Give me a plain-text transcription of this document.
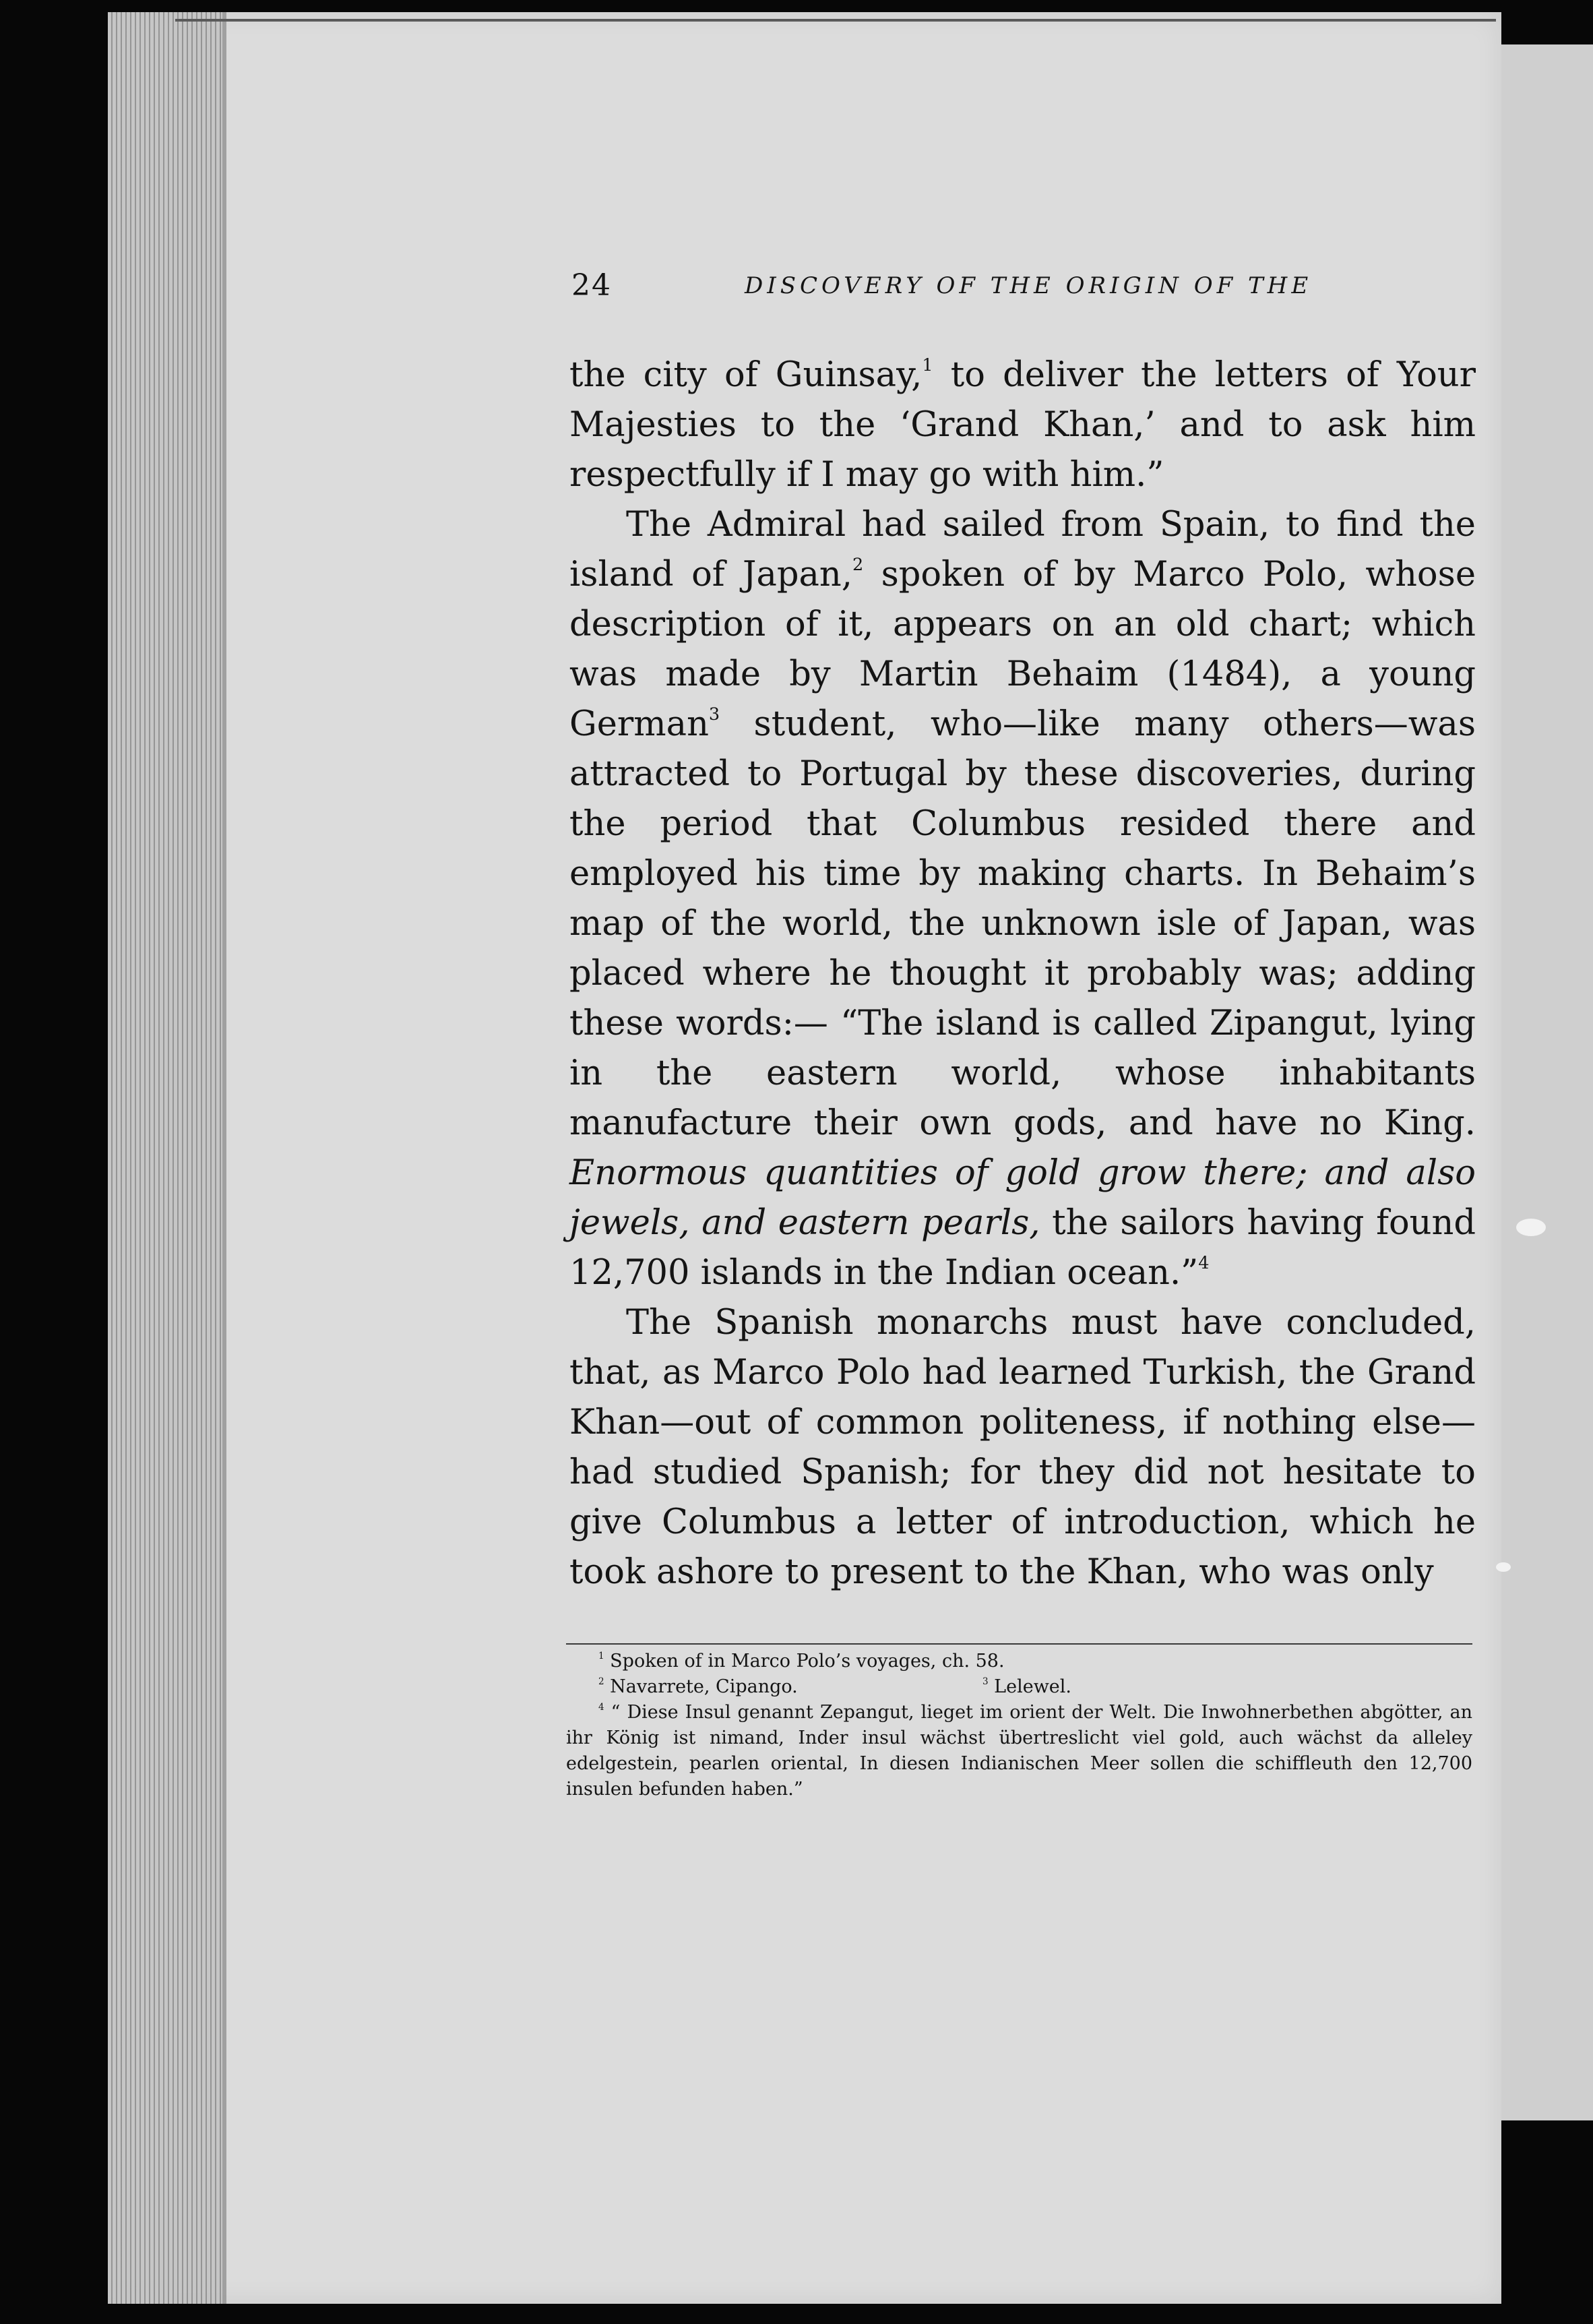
24	DISCOVERY OF THE ORIGIN OF THE

the city of Guinsay,$^1$ to deliver the letters of Your Majesties to the ‘Grand Khan,’ and to ask him respectfully if I may go with him.”

The Admiral had sailed from Spain, to find the island of Japan,$^2$ spoken of by Marco Polo, whose description of it, appears on an old chart; which was made by Martin Behaim (1484), a young German$^3$ student, who—like many others—was attracted to Portugal by these discoveries, during the period that Columbus resided there and employed his time by making charts. In Behaim’s map of the world, the unknown isle of Japan, was placed where he thought it probably was; adding these words:— “The island is called Zipangut, lying in the eastern world, whose inhabitants manufacture their own gods, and have no King. Enormous quantities of gold grow there; and also jewels, and eastern pearls, the sailors having found 12,700 islands in the Indian ocean.”$^4$

The Spanish monarchs must have concluded, that, as Marco Polo had learned Turkish, the Grand Khan—out of common politeness, if nothing else—had studied Spanish; for they did not hesitate to give Columbus a letter of introduction, which he took ashore to present to the Khan, who was only

$^1$ Spoken of in Marco Polo’s voyages, ch. 58.

$^2$ Navarrete, Cipango.	$^3$ Lelewel.

$^4$ “ Diese Insul genannt Zepangut, lieget im orient der Welt. Die Inwohnerbethen abgötter, an ihr König ist nimand, Inder insul wächst übertreslicht viel gold, auch wächst da alleley edelgestein, pearlen oriental, In diesen Indianischen Meer sollen die schiffleuth den 12,700 insulen befunden haben.”
